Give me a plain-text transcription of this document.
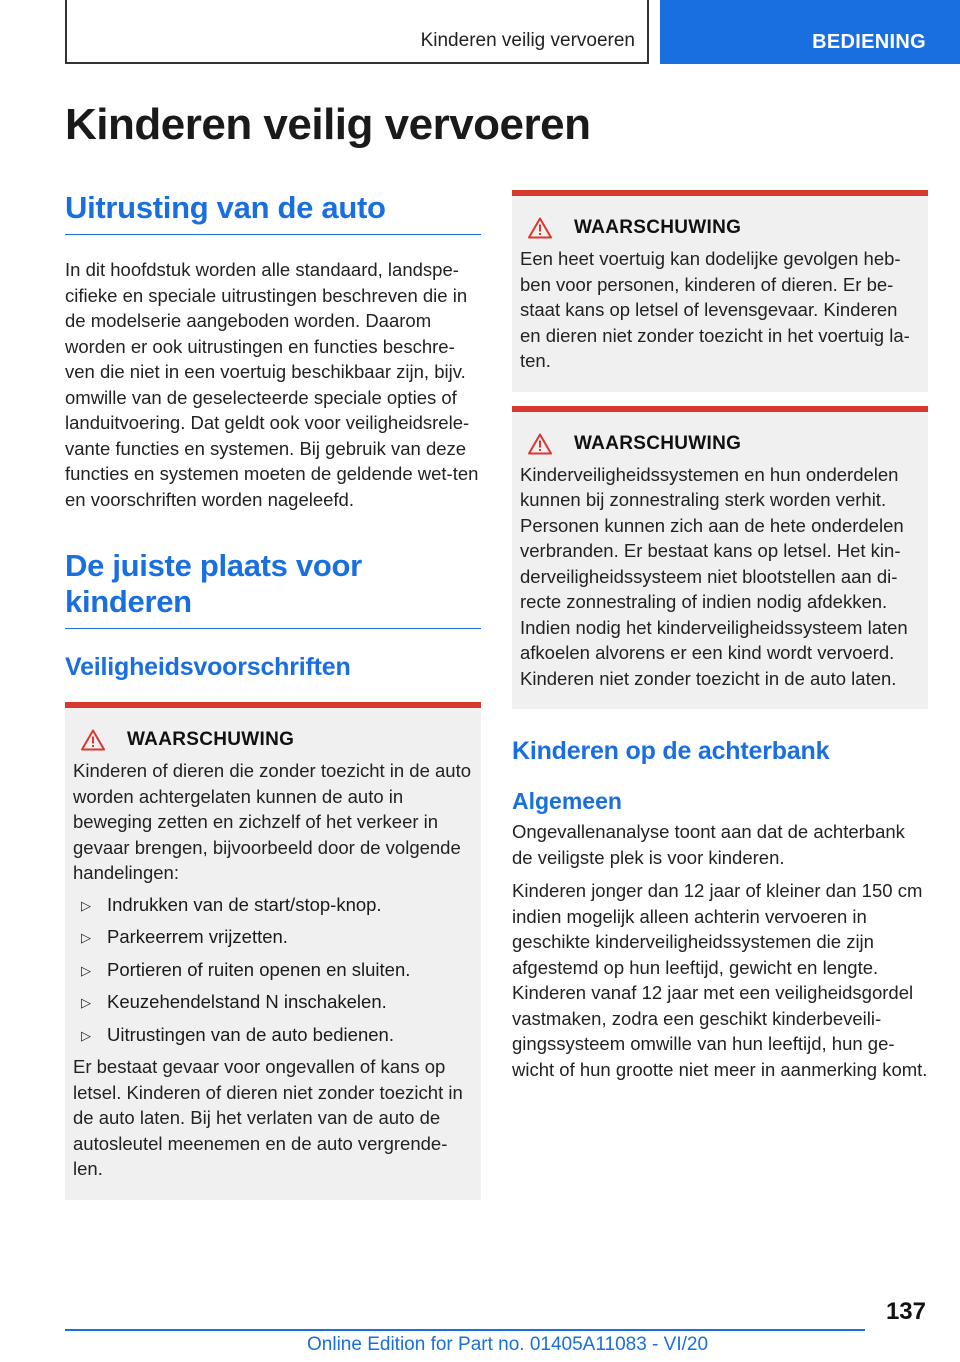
Kinderen veilig vervoeren	BEDIENING
Kinderen veilig vervoeren
Uitrusting van de auto

In dit hoofdstuk worden alle standaard, landspe-cifieke en speciale uitrustingen beschreven die in de modelserie aangeboden worden. Daarom worden er ook uitrustingen en functies beschre-ven die niet in een voertuig beschikbaar zijn, bijv. omwille van de geselecteerde speciale opties of landuitvoering. Dat geldt ook voor veiligheidsrele-vante functies en systemen. Bij gebruik van deze functies en systemen moeten de geldende wet-ten en voorschriften worden nageleefd.

De juiste plaats voor kinderen
Veiligheidsvoorschriften
WAARSCHUWING

Kinderen of dieren die zonder toezicht in de auto worden achtergelaten kunnen de auto in beweging zetten en zichzelf of het verkeer in gevaar brengen, bijvoorbeeld door de volgende handelingen:

▷ Indrukken van de start/stop-knop.
▷ Parkeerrem vrijzetten.
▷ Portieren of ruiten openen en sluiten.
▷ Keuzehendelstand N inschakelen.
▷ Uitrustingen van de auto bedienen.

Er bestaat gevaar voor ongevallen of kans op letsel. Kinderen of dieren niet zonder toezicht in de auto laten. Bij het verlaten van de auto de autosleutel meenemen en de auto vergrende-len.

WAARSCHUWING

Een heet voertuig kan dodelijke gevolgen heb-ben voor personen, kinderen of dieren. Er be-staat kans op letsel of levensgevaar. Kinderen en dieren niet zonder toezicht in het voertuig la-ten.

WAARSCHUWING

Kinderveiligheidssystemen en hun onderdelen kunnen bij zonnestraling sterk worden verhit. Personen kunnen zich aan de hete onderdelen verbranden. Er bestaat kans op letsel. Het kin-derveiligheidssysteem niet blootstellen aan di-recte zonnestraling of indien nodig afdekken. Indien nodig het kinderveiligheidssysteem laten afkoelen alvorens er een kind wordt vervoerd. Kinderen niet zonder toezicht in de auto laten.

Kinderen op de achterbank
Algemeen

Ongevallenanalyse toont aan dat de achterbank de veiligste plek is voor kinderen.

Kinderen jonger dan 12 jaar of kleiner dan 150 cm indien mogelijk alleen achterin vervoeren in geschikte kinderveiligheidssystemen die zijn afgestemd op hun leeftijd, gewicht en lengte. Kinderen vanaf 12 jaar met een veiligheidsgordel vastmaken, zodra een geschikt kinderbeveili-gingssysteem omwille van hun leeftijd, hun ge-wicht of hun grootte niet meer in aanmerking komt.

137
Online Edition for Part no. 01405A11083 - VI/20
